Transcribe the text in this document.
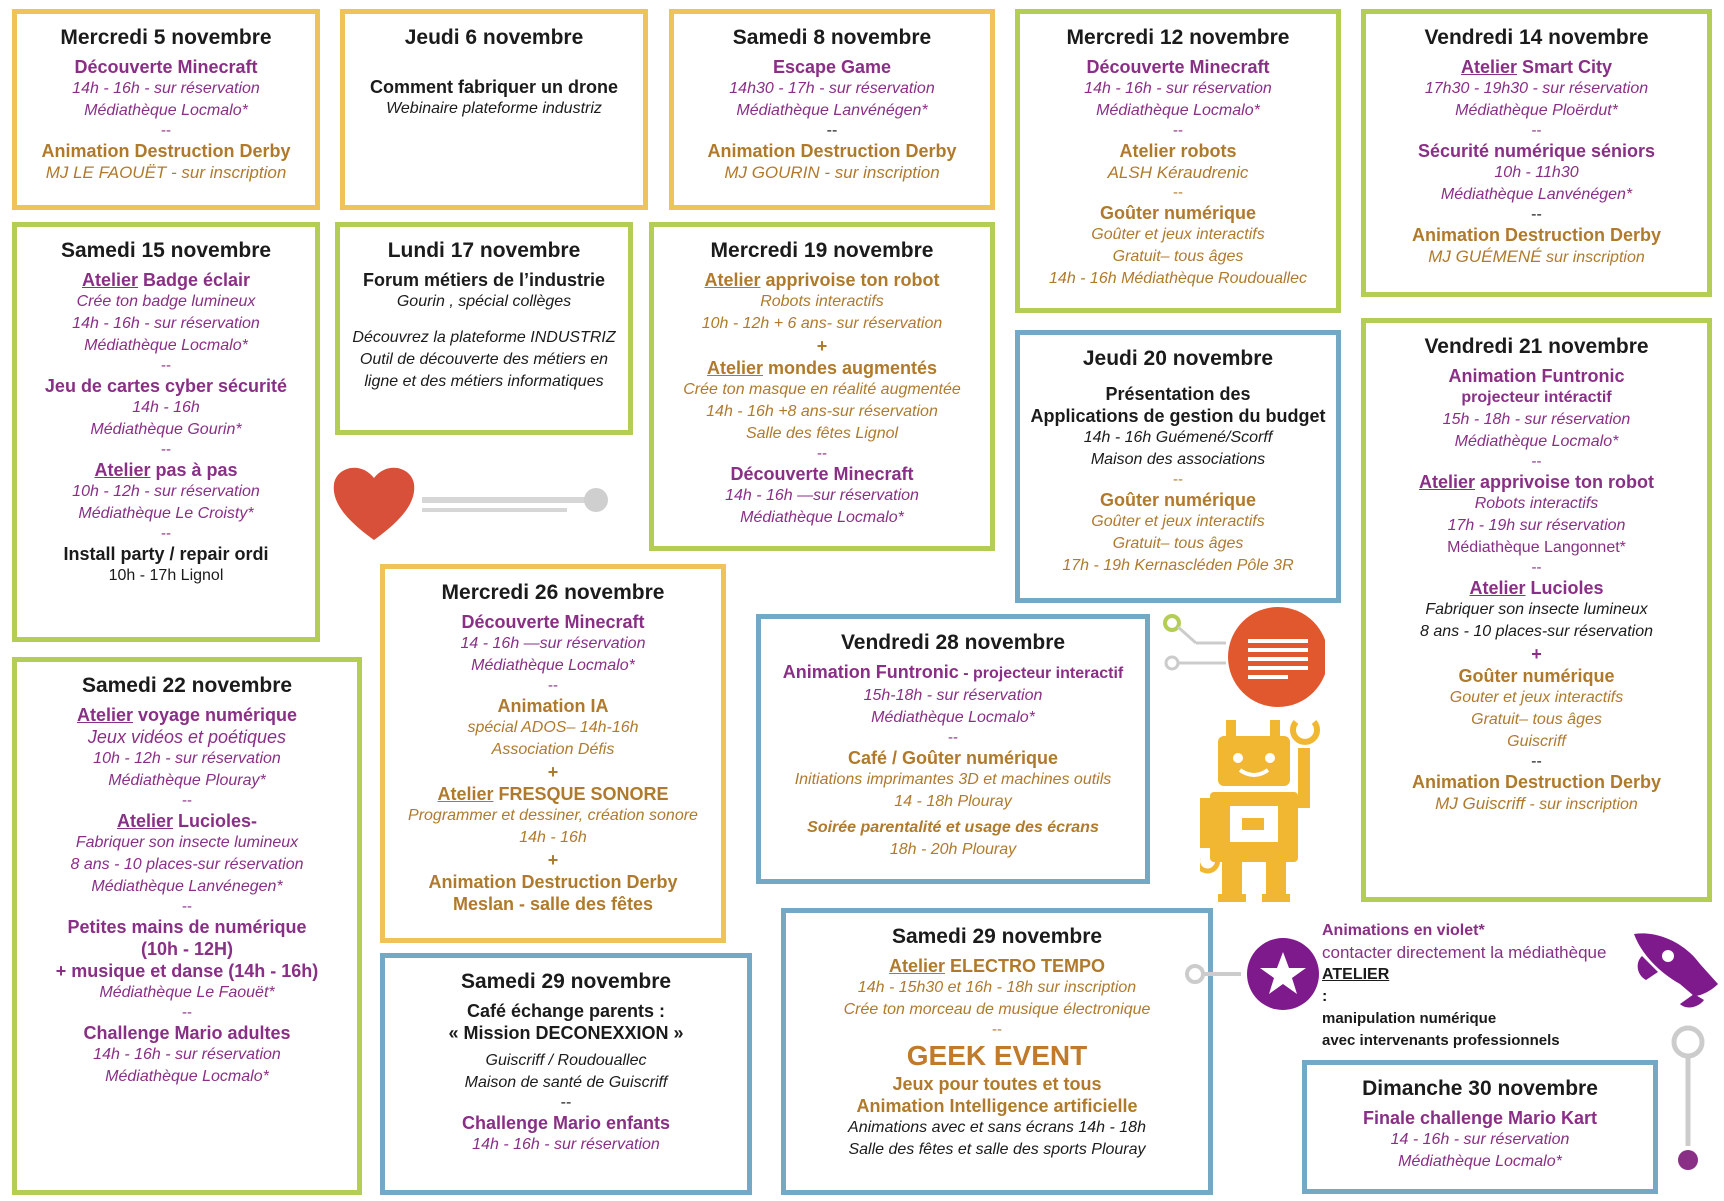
Mercredi 5 novembre
Découverte Minecraft
14h - 16h - sur réservation
Médiathèque Locmalo*
--
Animation Destruction Derby
MJ LE FAOUËT - sur inscription
Jeudi 6 novembre
Comment fabriquer un drone
Webinaire plateforme industriz
Samedi 8 novembre
Escape Game
14h30 - 17h - sur réservation
Médiathèque Lanvénégen*
--
Animation Destruction Derby
MJ GOURIN - sur inscription
Mercredi 12 novembre
Découverte Minecraft
14h - 16h - sur réservation
Médiathèque Locmalo*
--
Atelier robots
ALSH Kéraudrenic
--
Goûter numérique
Goûter et jeux interactifs
Gratuit– tous âges
14h - 16h Médiathèque Roudouallec
Vendredi 14 novembre
Atelier Smart City
17h30 - 19h30 - sur réservation
Médiathèque Ploërdut*
--
Sécurité numérique séniors
10h - 11h30
Médiathèque Lanvénégen*
--
Animation Destruction Derby
MJ GUÉMENÉ sur inscription
Samedi 15 novembre
Atelier Badge éclair
Crée ton badge lumineux
14h - 16h - sur réservation
Médiathèque Locmalo*
--
Jeu de cartes cyber sécurité
14h - 16h
Médiathèque Gourin*
--
Atelier pas à pas
10h - 12h - sur réservation
Médiathèque Le Croisty*
--
Install party / repair ordi
10h - 17h Lignol
Lundi 17 novembre
Forum métiers de l’industrie
Gourin , spécial collèges
Découvrez la plateforme INDUSTRIZ
Outil de découverte des métiers en
ligne et des métiers informatiques
Mercredi 19 novembre
Atelier apprivoise ton robot
Robots interactifs
10h - 12h + 6 ans- sur réservation
+
Atelier mondes augmentés
Crée ton masque en réalité augmentée
14h - 16h +8 ans-sur réservation
Salle des fêtes Lignol
--
Découverte Minecraft
14h - 16h —sur réservation
Médiathèque Locmalo*
Jeudi 20 novembre
Présentation des
Applications de gestion du budget
14h - 16h Guémené/Scorff
Maison des associations
--
Goûter numérique
Goûter et jeux interactifs
Gratuit– tous âges
17h - 19h Kernascléden Pôle 3R
Vendredi 21 novembre
Animation Funtronic
projecteur intéractif
15h - 18h - sur réservation
Médiathèque Locmalo*
--
Atelier apprivoise ton robot
Robots interactifs
17h - 19h sur réservation
Médiathèque Langonnet*
--
Atelier Lucioles
Fabriquer son insecte lumineux
8 ans - 10 places-sur réservation
+
Goûter numérique
Gouter et jeux interactifs
Gratuit– tous âges
Guiscriff
--
Animation Destruction Derby
MJ Guiscriff - sur inscription
Samedi 22 novembre
Atelier voyage numérique
Jeux vidéos et poétiques
10h - 12h - sur réservation
Médiathèque Plouray*
--
Atelier Lucioles-
Fabriquer son insecte lumineux
8 ans - 10 places-sur réservation
Médiathèque Lanvénegen*
--
Petites mains de numérique
(10h - 12H)
+ musique et danse (14h - 16h)
Médiathèque Le Faouët*
--
Challenge Mario adultes
14h - 16h - sur réservation
Médiathèque Locmalo*
Mercredi 26 novembre
Découverte Minecraft
14 - 16h —sur réservation
Médiathèque Locmalo*
--
Animation IA
spécial ADOS– 14h-16h
Association Défis
+
Atelier FRESQUE SONORE
Programmer et dessiner, création sonore
14h - 16h
+
Animation Destruction Derby
Meslan - salle des fêtes
Vendredi 28 novembre
Animation Funtronic - projecteur interactif
15h-18h - sur réservation
Médiathèque Locmalo*
--
Café / Goûter numérique
Initiations imprimantes 3D et machines outils
14 - 18h Plouray
Soirée parentalité et usage des écrans
18h - 20h Plouray
Samedi 29 novembre
Café échange parents :
« Mission DECONEXXION »
Guiscriff / Roudouallec
Maison de santé de Guiscriff
--
Challenge Mario enfants
14h - 16h - sur réservation
Samedi 29 novembre
Atelier ELECTRO TEMPO
14h - 15h30 et 16h - 18h sur inscription
Crée ton morceau de musique électronique
--
GEEK EVENT
Jeux pour toutes et tous
Animation Intelligence artificielle
Animations avec et sans écrans 14h - 18h
Salle des fêtes et salle des sports Plouray
Dimanche 30 novembre
Finale challenge Mario Kart
14 - 16h - sur réservation
Médiathèque Locmalo*
Animations en violet*
contacter directement la médiathèque
ATELIER
:
manipulation numérique
avec intervenants professionnels
